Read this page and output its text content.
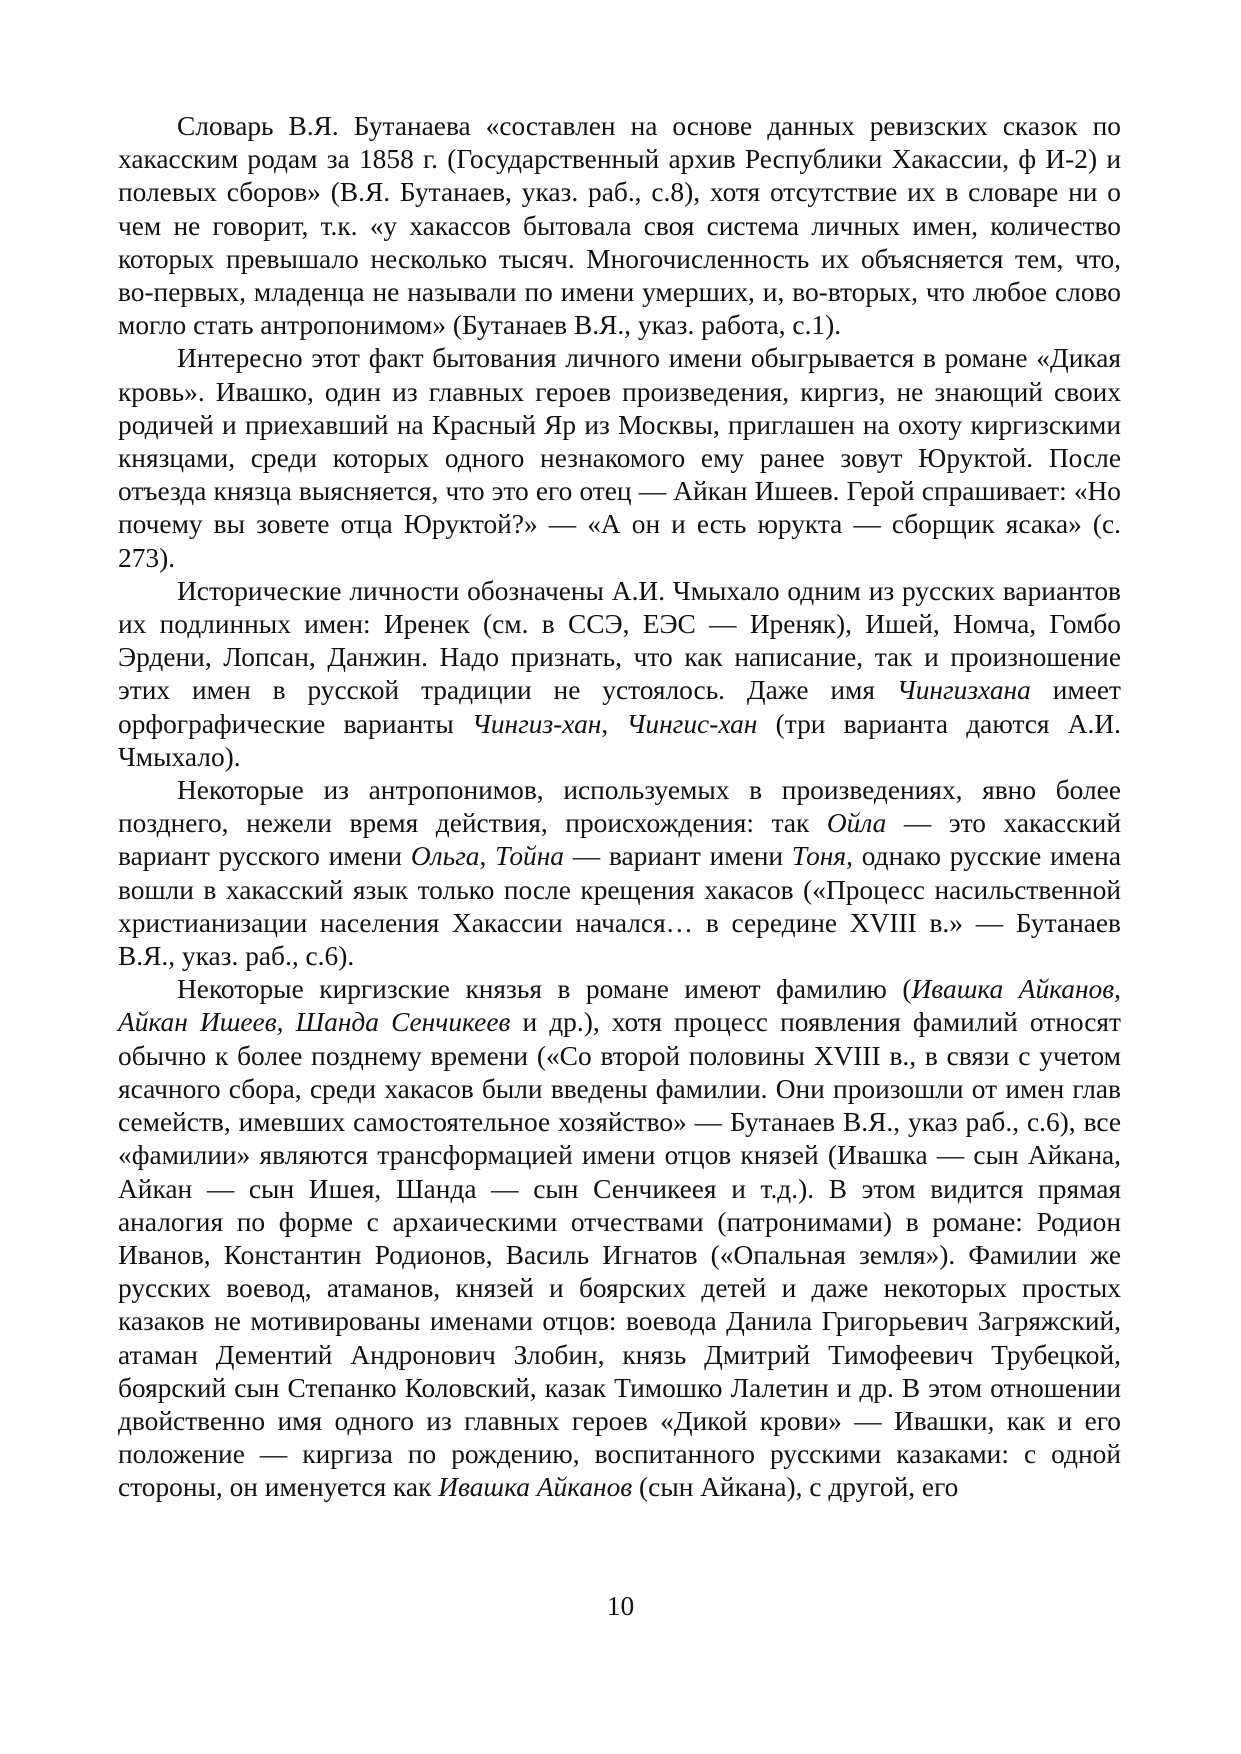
Словарь В.Я. Бутанаева «составлен на основе данных ревизских сказок по хакасским родам за 1858 г. (Государственный архив Республики Хакассии, ф И-2) и полевых сборов» (В.Я. Бутанаев, указ. раб., с.8), хотя отсутствие их в словаре ни о чем не говорит, т.к. «у хакассов бытовала своя система личных имен, количество которых превышало несколько тысяч. Многочисленность их объясняется тем, что, во-первых, младенца не называли по имени умерших, и, во-вторых, что любое слово могло стать антропонимом» (Бутанаев В.Я., указ. работа, с.1).

Интересно этот факт бытования личного имени обыгрывается в романе «Дикая кровь». Ивашко, один из главных героев произведения, киргиз, не знающий своих родичей и приехавший на Красный Яр из Москвы, приглашен на охоту киргизскими князцами, среди которых одного незнакомого ему ранее зовут Юруктой. После отъезда князца выясняется, что это его отец — Айкан Ишеев. Герой спрашивает: «Но почему вы зовете отца Юруктой?» — «А он и есть юрукта — сборщик ясака» (с. 273).

Исторические личности обозначены А.И. Чмыхало одним из русских вариантов их подлинных имен: Иренек (см. в ССЭ, ЕЭС — Иреняк), Ишей, Номча, Гомбо Эрдени, Лопсан, Данжин. Надо признать, что как написание, так и произношение этих имен в русской традиции не устоялось. Даже имя Чингизхана имеет орфографические варианты Чингиз-хан, Чингис-хан (три варианта даются А.И. Чмыхало).

Некоторые из антропонимов, используемых в произведениях, явно более позднего, нежели время действия, происхождения: так Ойла — это хакасский вариант русского имени Ольга, Тойна — вариант имени Тоня, однако русские имена вошли в хакасский язык только после крещения хакасов («Процесс насильственной христианизации населения Хакассии начался… в середине XVIII в.» — Бутанаев В.Я., указ. раб., с.6).

Некоторые киргизские князья в романе имеют фамилию (Ивашка Айканов, Айкан Ишеев, Шанда Сенчикеев и др.), хотя процесс появления фамилий относят обычно к более позднему времени («Со второй половины XVIII в., в связи с учетом ясачного сбора, среди хакасов были введены фамилии. Они произошли от имен глав семейств, имевших самостоятельное хозяйство» — Бутанаев В.Я., указ раб., с.6), все «фамилии» являются трансформацией имени отцов князей (Ивашка — сын Айкана, Айкан — сын Ишея, Шанда — сын Сенчикеея и т.д.). В этом видится прямая аналогия по форме с архаическими отчествами (патронимами) в романе: Родион Иванов, Константин Родионов, Василь Игнатов («Опальная земля»). Фамилии же русских воевод, атаманов, князей и боярских детей и даже некоторых простых казаков не мотивированы именами отцов: воевода Данила Григорьевич Загряжский, атаман Дементий Андронович Злобин, князь Дмитрий Тимофеевич Трубецкой, боярский сын Степанко Коловский, казак Тимошко Лалетин и др. В этом отношении двойственно имя одного из главных героев «Дикой крови» — Ивашки, как и его положение — киргиза по рождению, воспитанного русскими казаками: с одной стороны, он именуется как Ивашка Айканов (сын Айкана), с другой, его

10
